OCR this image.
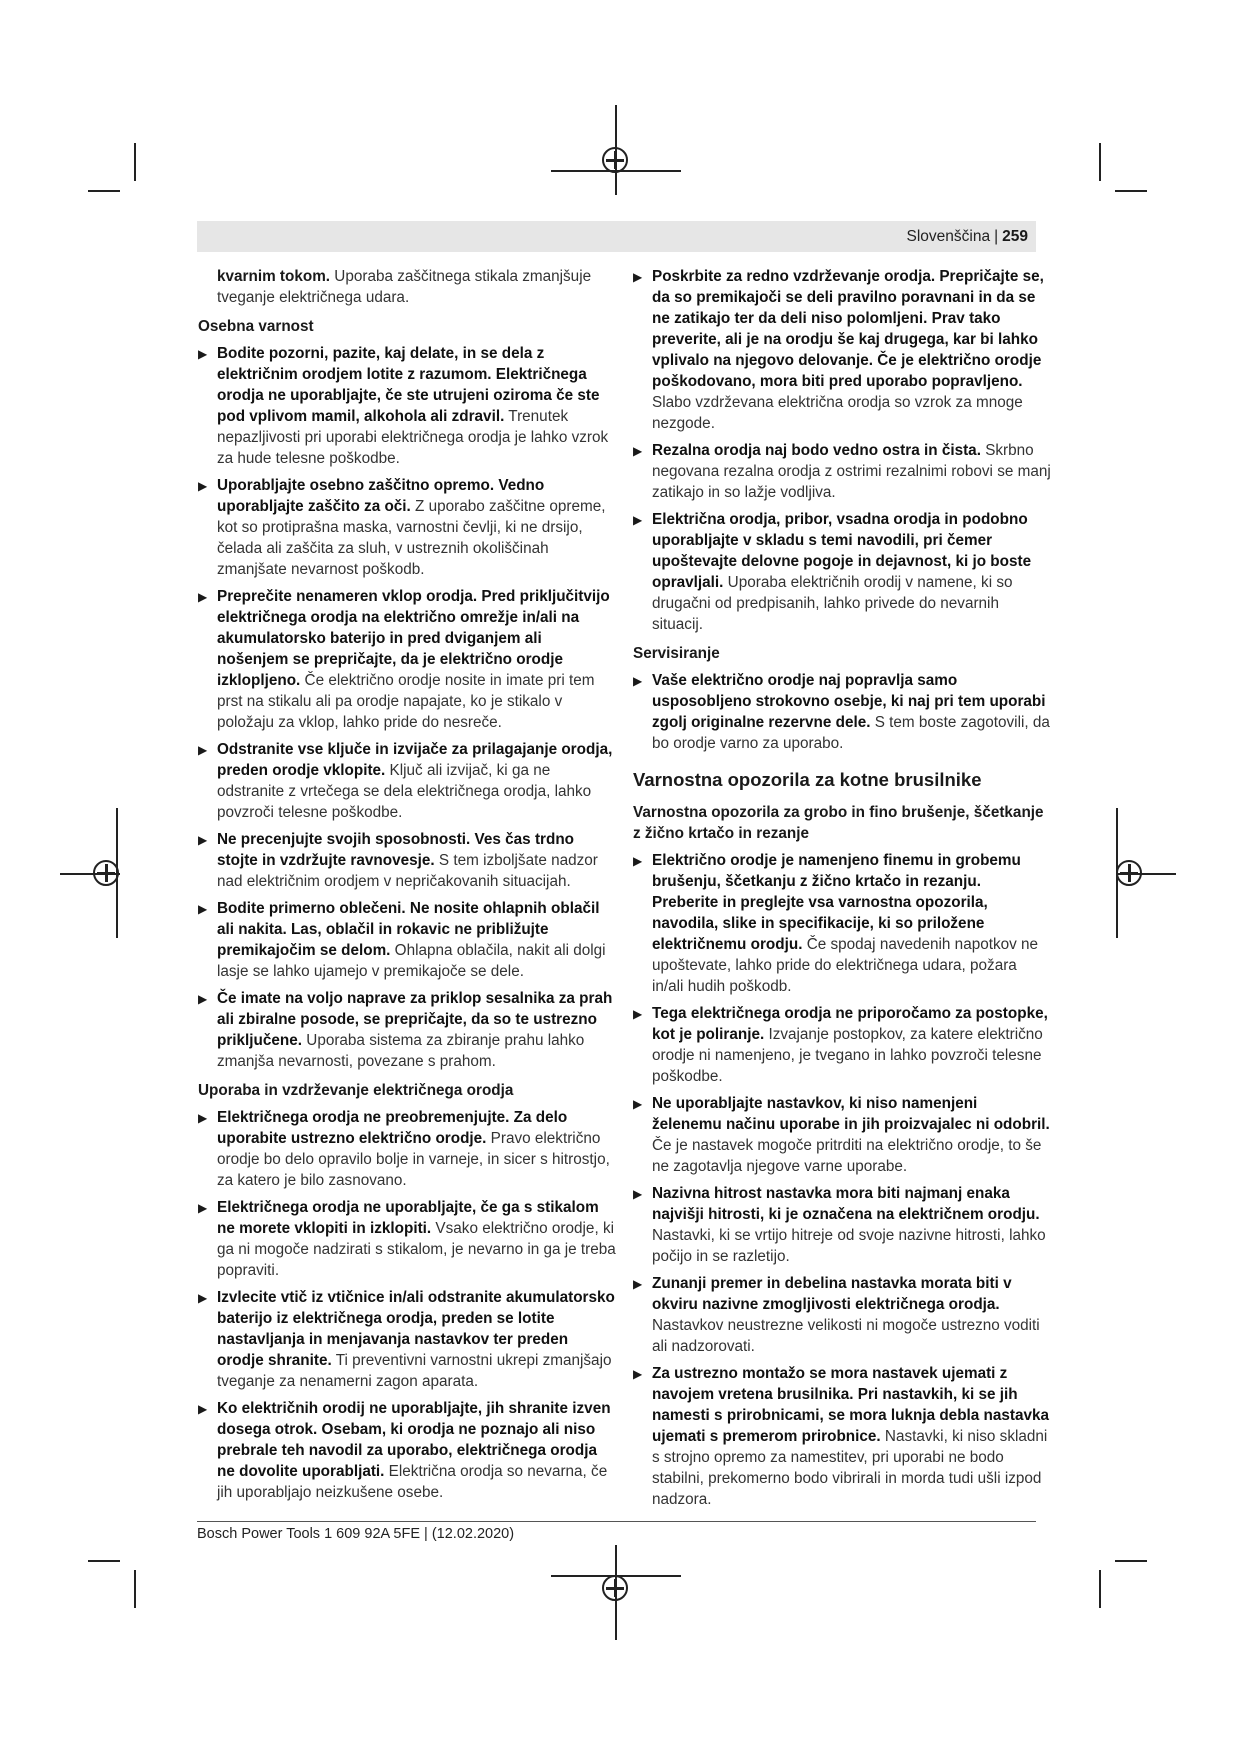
Slovenščina | 259

kvarnim tokom. Uporaba zaščitnega stikala zmanjšuje tveganje električnega udara.

Osebna varnost

▶ Bodite pozorni, pazite, kaj delate, in se dela z električnim orodjem lotite z razumom. Električnega orodja ne uporabljajte, če ste utrujeni oziroma če ste pod vplivom mamil, alkohola ali zdravil. Trenutek nepazljivosti pri uporabi električnega orodja je lahko vzrok za hude telesne poškodbe.
▶ Uporabljajte osebno zaščitno opremo. Vedno uporabljajte zaščito za oči. Z uporabo zaščitne opreme, kot so protiprašna maska, varnostni čevlji, ki ne drsijo, čelada ali zaščita za sluh, v ustreznih okoliščinah zmanjšate nevarnost poškodb.
▶ Preprečite nenameren vklop orodja. Pred priključitvijo električnega orodja na električno omrežje in/ali na akumulatorsko baterijo in pred dviganjem ali nošenjem se prepričajte, da je električno orodje izklopljeno. Če električno orodje nosite in imate pri tem prst na stikalu ali pa orodje napajate, ko je stikalo v položaju za vklop, lahko pride do nesreče.
▶ Odstranite vse ključe in izvijače za prilagajanje orodja, preden orodje vklopite. Ključ ali izvijač, ki ga ne odstranite z vrtečega se dela električnega orodja, lahko povzroči telesne poškodbe.
▶ Ne precenjujte svojih sposobnosti. Ves čas trdno stojte in vzdržujte ravnovesje. S tem izboljšate nadzor nad električnim orodjem v nepričakovanih situacijah.
▶ Bodite primerno oblečeni. Ne nosite ohlapnih oblačil ali nakita. Las, oblačil in rokavic ne približujte premikajočim se delom. Ohlapna oblačila, nakit ali dolgi lasje se lahko ujamejo v premikajoče se dele.
▶ Če imate na voljo naprave za priklop sesalnika za prah ali zbiralne posode, se prepričajte, da so te ustrezno priključene. Uporaba sistema za zbiranje prahu lahko zmanjša nevarnosti, povezane s prahom.

Uporaba in vzdrževanje električnega orodja

▶ Električnega orodja ne preobremenjujte. Za delo uporabite ustrezno električno orodje. Pravo električno orodje bo delo opravilo bolje in varneje, in sicer s hitrostjo, za katero je bilo zasnovano.
▶ Električnega orodja ne uporabljajte, če ga s stikalom ne morete vklopiti in izklopiti. Vsako električno orodje, ki ga ni mogoče nadzirati s stikalom, je nevarno in ga je treba popraviti.
▶ Izvlecite vtič iz vtičnice in/ali odstranite akumulatorsko baterijo iz električnega orodja, preden se lotite nastavljanja in menjavanja nastavkov ter preden orodje shranite. Ti preventivni varnostni ukrepi zmanjšajo tveganje za nenamerni zagon aparata.
▶ Ko električnih orodij ne uporabljajte, jih shranite izven dosega otrok. Osebam, ki orodja ne poznajo ali niso prebrale teh navodil za uporabo, električnega orodja ne dovolite uporabljati. Električna orodja so nevarna, če jih uporabljajo neizkušene osebe.
▶ Poskrbite za redno vzdrževanje orodja. Prepričajte se, da so premikajoči se deli pravilno poravnani in da se ne zatikajo ter da deli niso polomljeni. Prav tako preverite, ali je na orodju še kaj drugega, kar bi lahko vplivalo na njegovo delovanje. Če je električno orodje poškodovano, mora biti pred uporabo popravljeno. Slabo vzdrževana električna orodja so vzrok za mnoge nezgode.
▶ Rezalna orodja naj bodo vedno ostra in čista. Skrbno negovana rezalna orodja z ostrimi rezalnimi robovi se manj zatikajo in so lažje vodljiva.
▶ Električna orodja, pribor, vsadna orodja in podobno uporabljajte v skladu s temi navodili, pri čemer upoštevajte delovne pogoje in dejavnost, ki jo boste opravljali. Uporaba električnih orodij v namene, ki so drugačni od predpisanih, lahko privede do nevarnih situacij.

Servisiranje

▶ Vaše električno orodje naj popravlja samo usposobljeno strokovno osebje, ki naj pri tem uporabi zgolj originalne rezervne dele. S tem boste zagotovili, da bo orodje varno za uporabo.

Varnostna opozorila za kotne brusilnike

Varnostna opozorila za grobo in fino brušenje, ščetkanje z žično krtačo in rezanje

▶ Električno orodje je namenjeno finemu in grobemu brušenju, ščetkanju z žično krtačo in rezanju. Preberite in preglejte vsa varnostna opozorila, navodila, slike in specifikacije, ki so priložene električnemu orodju. Če spodaj navedenih napotkov ne upoštevate, lahko pride do električnega udara, požara in/ali hudih poškodb.
▶ Tega električnega orodja ne priporočamo za postopke, kot je poliranje. Izvajanje postopkov, za katere električno orodje ni namenjeno, je tvegano in lahko povzroči telesne poškodbe.
▶ Ne uporabljajte nastavkov, ki niso namenjeni želenemu načinu uporabe in jih proizvajalec ni odobril. Če je nastavek mogoče pritrditi na električno orodje, to še ne zagotavlja njegove varne uporabe.
▶ Nazivna hitrost nastavka mora biti najmanj enaka najvišji hitrosti, ki je označena na električnem orodju. Nastavki, ki se vrtijo hitreje od svoje nazivne hitrosti, lahko počijo in se razletijo.
▶ Zunanji premer in debelina nastavka morata biti v okviru nazivne zmogljivosti električnega orodja. Nastavkov neustrezne velikosti ni mogoče ustrezno voditi ali nadzorovati.
▶ Za ustrezno montažo se mora nastavek ujemati z navojem vretena brusilnika. Pri nastavkih, ki se jih namesti s prirobnicami, se mora luknja debla nastavka ujemati s premerom prirobnice. Nastavki, ki niso skladni s strojno opremo za namestitev, pri uporabi ne bodo stabilni, prekomerno bodo vibrirali in morda tudi ušli izpod nadzora.
Bosch Power Tools 1 609 92A 5FE | (12.02.2020)
